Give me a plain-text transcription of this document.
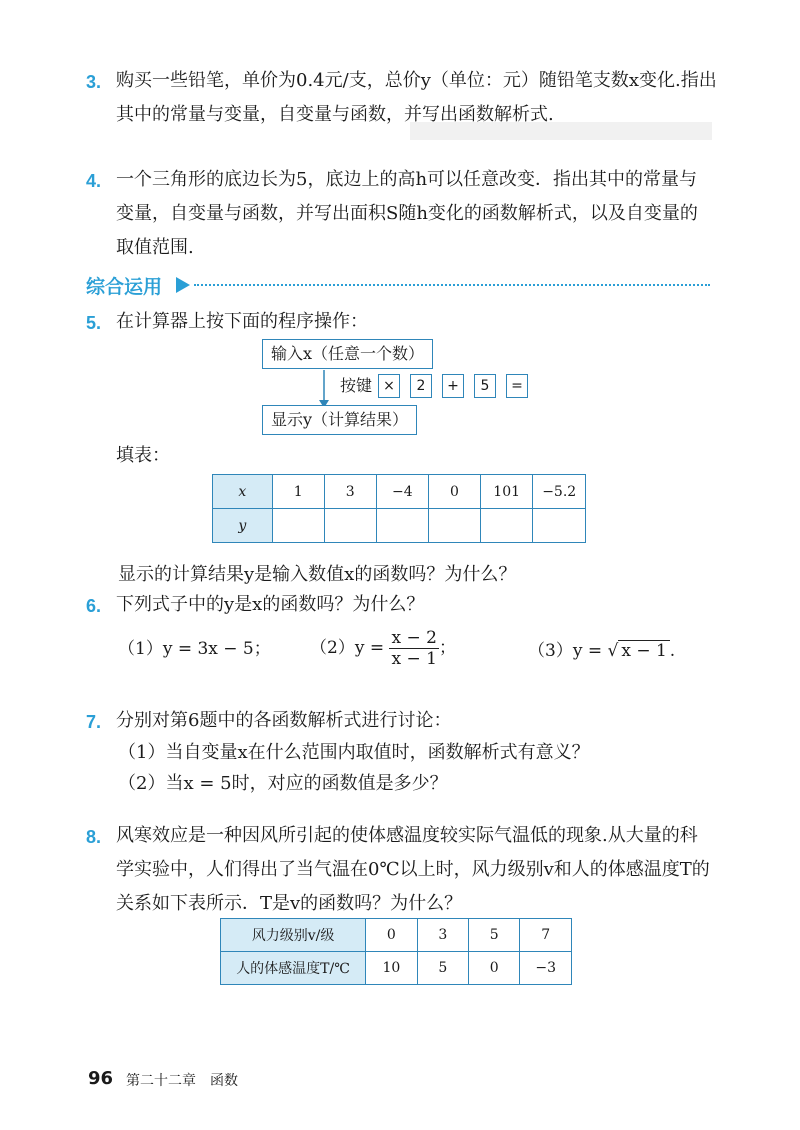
3. 购买一些铅笔，单价为0.4元/支，总价y（单位：元）随铅笔支数x变化.指出
其中的常量与变量，自变量与函数，并写出函数解析式.
4. 一个三角形的底边长为5，底边上的高h可以任意改变．指出其中的常量与
变量，自变量与函数，并写出面积S随h变化的函数解析式，以及自变量的
取值范围.
综合运用
5. 在计算器上按下面的程序操作：
输入x（任意一个数）
按键 ×	2	+	5	=
显示y（计算结果）
填表：
x	1	3	−4	0	101	−5.2
y						
显示的计算结果y是输入数值x的函数吗？为什么？
6. 下列式子中的y是x的函数吗？为什么？
（1）y = 3x − 5； $(2)y = \frac{x - 2}{x - 1}$ ；	（3）y = √ x − 1 .
7. 分别对第6题中的各函数解析式进行讨论：
（1）当自变量x在什么范围内取值时，函数解析式有意义？
（2）当x = 5时，对应的函数值是多少？
8. 风寒效应是一种因风所引起的使体感温度较实际气温低的现象.从大量的科
学实验中，人们得出了当气温在0℃以上时，风力级别v和人的体感温度T的
关系如下表所示．T是v的函数吗？为什么？
风力级别v/级	0	3	5	7
人的体感温度T/℃	10	5	0	−3
96 第二十二章　函数
